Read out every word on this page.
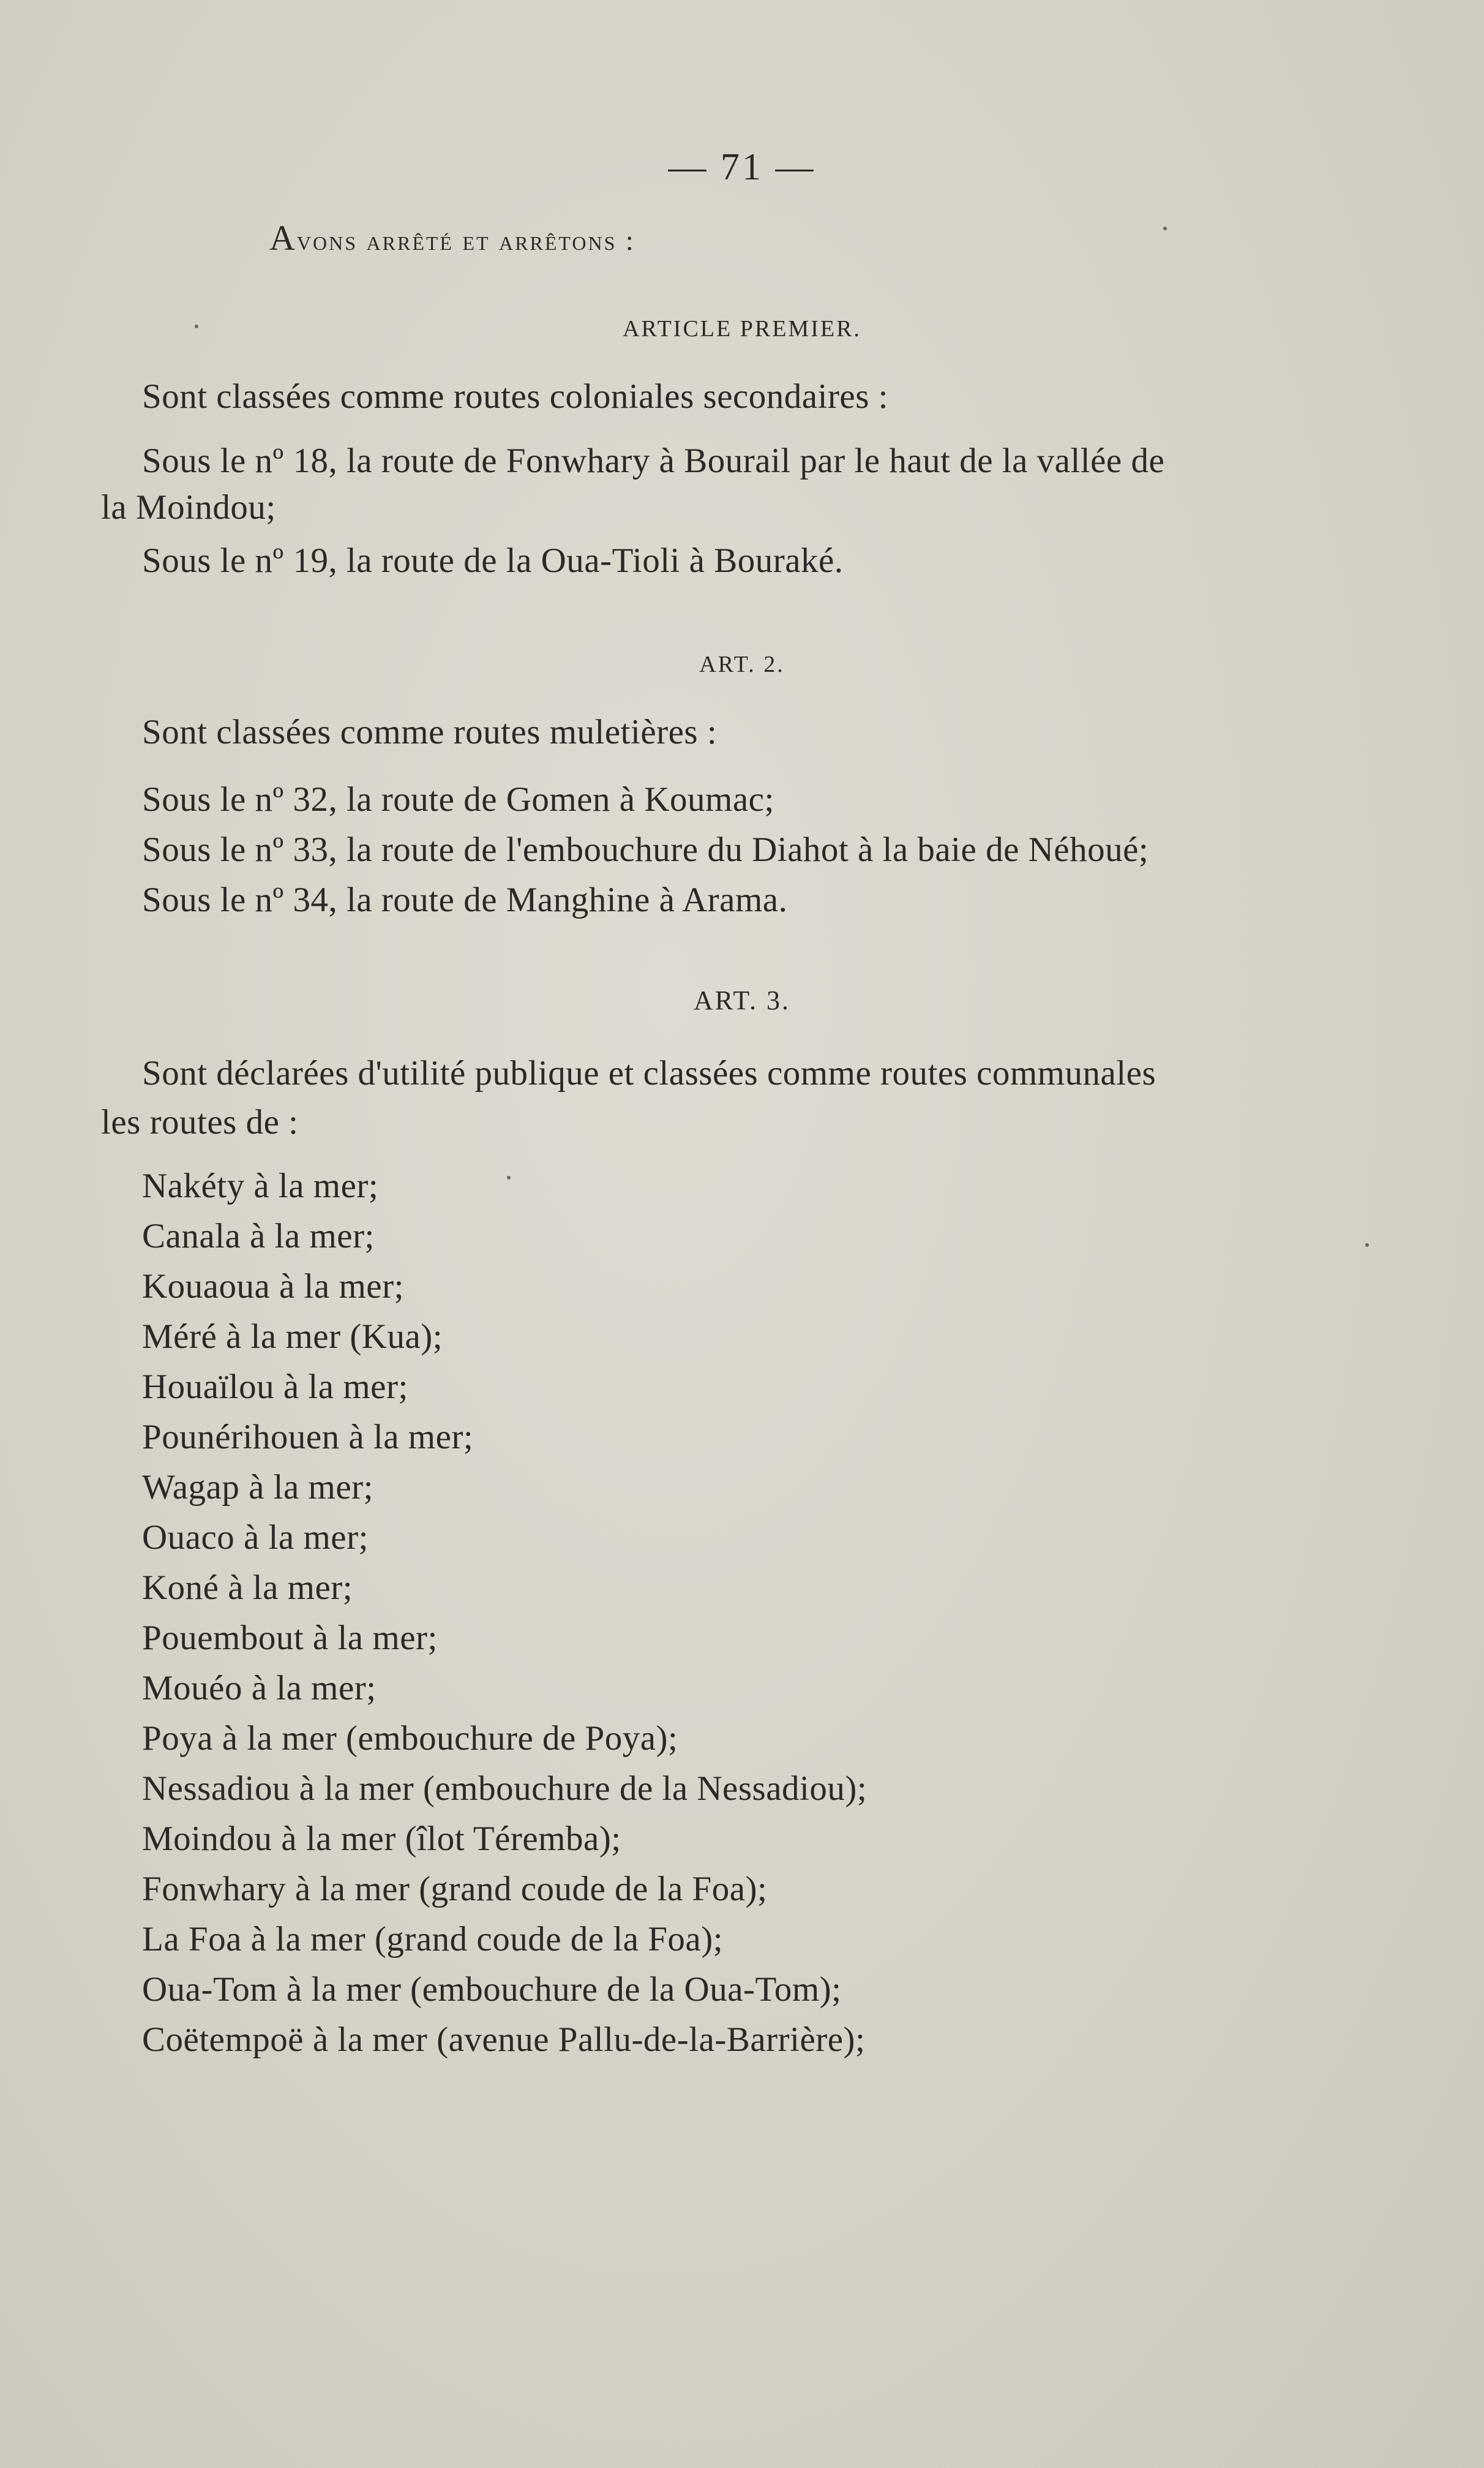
— 71 —
Avons arrêté et arrêtons :
ARTICLE PREMIER.
Sont classées comme routes coloniales secondaires :
Sous le nº 18, la route de Fonwhary à Bourail par le haut de la vallée de
la Moindou;
Sous le nº 19, la route de la Oua-Tioli à Bouraké.
ART. 2.
Sont classées comme routes muletières :
Sous le nº 32, la route de Gomen à Koumac;
Sous le nº 33, la route de l'embouchure du Diahot à la baie de Néhoué;
Sous le nº 34, la route de Manghine à Arama.
ART. 3.
Sont déclarées d'utilité publique et classées comme routes communales
les routes de :
Nakéty à la mer;
Canala à la mer;
Kouaoua à la mer;
Méré à la mer (Kua);
Houaïlou à la mer;
Pounérihouen à la mer;
Wagap à la mer;
Ouaco à la mer;
Koné à la mer;
Pouembout à la mer;
Mouéo à la mer;
Poya à la mer (embouchure de Poya);
Nessadiou à la mer (embouchure de la Nessadiou);
Moindou à la mer (îlot Téremba);
Fonwhary à la mer (grand coude de la Foa);
La Foa à la mer (grand coude de la Foa);
Oua-Tom à la mer (embouchure de la Oua-Tom);
Coëtempoë à la mer (avenue Pallu-de-la-Barrière);
